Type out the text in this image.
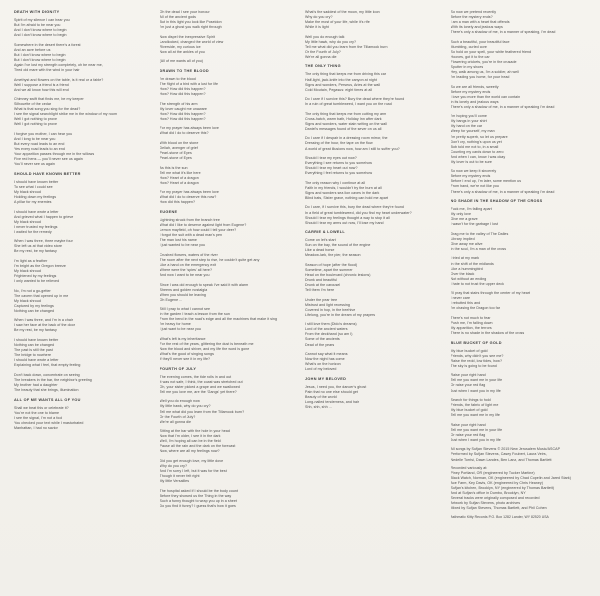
DEATH WITH DIGNITY
Spirit of my silence I can hear you
But I'm afraid to be near you
And I don't know where to begin
And I don't know where to begin
Somewhere in the desert there's a forest
And an acre before us
But I don't know where to begin
But I don't know where to begin
Again I've lost my strength completely, oh be near me,
Tired old mare with the wind in your hair
Amethyst and flowers on the table, is it real or a fable?
Well I suppose a friend is a friend
And we all know how this will end
Chimney swift that finds me, be my keeper
Silhouette of the cedar
What is that song you sing for the dead?
I see the signal searchlight strike me in the window of my room
Well I got nothing to prove
Well I got nothing to prove
I forgive you mother, I can hear you
And I long to be near you
But every road leads to an end
Yes every road leads to an end
Your apparition passes through me in the willows
Five red hens — you'll never see us again
You'll never see us again
SHOULD HAVE KNOWN BETTER
I should have known better
To see what I could see
My black shroud
Holding down my feelings
A pillar for my enemies
I should have wrote a letter
And grieved what I happen to grieve
My black shroud
I never trusted my feelings
I waited for the remedy
When I was three, three maybe four
She left us at that video store
Be my rest, be my fantasy
I'm light as a feather
I'm bright as the Oregon breeze
My black shroud
Frightened by my feelings
I only wanted to be relieved
No, I'm not a go-getter
The cavern that opened up in me
My black shroud
Captured by my feelings
Nothing can be changed
When I was three, and I'm in a chair
I saw her face at the back of the door
Be my rest, be my fantasy
I should have known better
Nothing can be changed
The past is still the past
The bridge to nowhere
I should have wrote a letter
Explaining what I feel, that empty feeling
Don't back down, concentrate on seeing
The breakers in the bar, the neighbor's greeting
My brother had a daughter
The beauty that she brings, illumination
ALL OF ME WANTS ALL OF YOU
Shall we beat this or celebrate it?
You're not the one to blame
I see the signal, I'm not a fool
You checked your text while I masturbated
Manhattan, I had no savior
Oh the dead I see your honour
All of the ancient gods
But in this light you look like Poseidon
I'm just a ghost you walk right through
Now dispel the inexpressive Spirit
Landlocked, changed the world of view
Riverside, my curious ice
Now all at the ankles of you
(All of me wants all of you)
DRAWN TO THE BLOOD
I'm drawn to the blood
The flight of a bird with a lust for life
How? How did this happen?
How? How did this happen?
The strength of his arm
My lover caught me unaware
How? How did this happen?
How? How did this happen?
For my prayer has always been love
What did I do to deserve this?
With blood on the stone
Deliah, avenger of grief
Pearl-stone of Eyes
Pearl-stone of Eyes
As this is the sun
Tell me what it's like here
How? Heart of a dragon
How? Heart of a dragon
For my prayer has always been love
What did I do to deserve this now?
How did this happen?
EUGENE
Lightning struck from the branch tree
What did I like to deserve against light from Eugene?
Lemon mayfield, oh how could I tell your deer?
I forgot the suit with a dead man's pen
The man lost his name
I just wanted to be near you
Crushed flowers, waters of the river
The room after the next step to rise, he couldn't quite get any
Like a hand on the emergency exit
Where were the 'spies' all here?
And now I want to be near you
Since I was old enough to speak I've said it with alarm
Sheens and golden nostalgia
When you should be leaving
Oh Eugene ...
Still I pray to what I cannot see
In the garden I teach a lesson from the sun
From the bend in the road's edge and all the machines that make it sing
I'm heavy for home
I just want to be near you
What's left is my inheritance
For the rest of the years, glittering the dust is beneath me
Now the blood and shiver, and my life the word is gone
What's the good of singing songs
If they'll never see it in my life?
FOURTH OF JULY
The evening comes, the tide rolls in and out
It was not safe, I think, the coast was stretched out
Oh, your sister picked a grape and we swallowed
Tell me you love me, are the 'Gangs' yet there?
Well you do enough now
My little hawk, why do you cry?
Tell me what did you learn from the Tillamook burn?
Or the Fourth of July?
We're all gonna die
Sitting at the bar with the hole in your head
Now that I'm older, I see it in the dark
Well, I'm hoping all can be in the field
Pause all the rain and the dark on the forecast
Now, where are all my feelings now?
Did you get enough love, my little dove
Why do you cry?
And I'm sorry I left, but it was for the best
Though it never felt right
My little Versailles
The hospital asked if I should be the body count
Before they showed us the Thing in the way
Such a funny thought to wrap you up in a sheet
Do you find it funny? I guess that's how it goes
What's the saddest of the moon, my little loon
Why do you cry?
Make the most of your life, while it's rife
While it is light
Well you do enough talk
My little hawk, why do you cry?
Tell me what did you learn from the Tillamook burn
Or the Fourth of July?
We're all gonna die
THE ONLY THING
The only thing that keeps me from driving this car
Half-light, jack-knife into the canyon at night
Signs and wonders, Perseus, Aries at the wall
Cold Moutain, Pegasus: eight times at all
Do I care if I survive this? Bury the dead where they're found
In a ruin of great tumbleweed, I want you on the road
The only thing that keeps me from cutting my arm
Cross-hatch, warm bath, Holiday Inn after dark
Signs and wonders, water stain writing on the wall
Daniel's messages found of the sever on us all
Do I care if I despair in a dressing room mirror, the
Dressing of the hour, the tape on the flow
A world of great illusions now, how am I still to suffer you?
Should I tear my eyes out now?
Everything I see returns to you somehow
Should I tear my heart out now?
Everything I feel returns to you somehow
The only reason why I continue at all
Faith in my friends, I wouldn't try the burn at all
Signs and wonders sea lion caves in the dark
Blind bats, Sister grave, nothing can hold me apart
Do I care, if I survive this, bury the dead where they're found
In a field of great tumbleweed, did you find my heart underwater?
Should I tear my feelings thought a way to stop it all
Should I tear my arms out now, I'll lose my hand
CARRIE & LOWELL
Come on let's start
Sun on the bay, the sound of the engine
Like a dead horse
Meadow-lark, the pier, the season
Season of hope (after the flood)
Sometime, apart the summer
Head on the boulevard (chronic lesions)
Drunk and beautiful
Drunk at the carousel
Tell them I'm here
Under the pear tree
Mistrust and light recessing
Covered in hop, in the beehive
Lifelong, you're in the dream of my prayers
I still love them (Dido's dreams)
Lord of the ancient waters
From the deckhand (so am I)
Some of the ancients
Dead of the years
Cannot say what it means
Now the night has come
What's on the horizon
Lord of my beloved
JOHN MY BELOVED
Jesus, I need you, the dancer's ghost
Pain that no one else should get
Beauty of the world
Long-nailed tenderness, and hair
Shh, shh, shh ...
So now we pretend recently
Before the mystery ends?
I am a man with a heart that offends
With its lonely and jealous ways
There's only a shadow of me, in a manner of speaking, I'm dead
Such a beautiful, your beautiful face
Mumbling, curled core
So hold on your spell, your white feathered friend
Hooves, got it to the car
Flowering crickets, you're in the crusade
Sputter in my shoes
Hey, walk among us, I'm a soldier, ah well
I'm leading you home, for your head
So we are all friends, sweetly
Before my mystery ends
I love you more than the world can contain
In its lonely and jealous ways
There's only a shadow of me, in a manner of speaking I'm dead
I'm hoping you'll come
My bangs in your shirt
My hand on the car
Weep for yourself, my man
I'm pretty superb, so let us prepare
Don't cry, nothing's upon us yet
Bob told me not to, in a small
Counting my cards down to zero
And when I can, know I was okay
My lover is out to be sure
So now we keep it sincerely
Before my mystery ends
Before I end up, I'm later, some mention us
From hand, we're not like you
There's only a shadow of me, in a manner of speaking I'm dead
NO SHADE IN THE SHADOW OF THE CROSS
Fuck me, I'm falling apart
My only love
Give me a grave
I wasn't for the garbage I lost
Drag me to the valley of The Dalles
Library implied
Give away me alive
In the soul, I'm a man of the cross
I tried at my mark
In the shift of the midlands
Like a hummingbird
Over the black
Not without an ending
I hate to not trust the upper deck
I'll pray that stairs through the center of my heart
I never care
I rebutted this and
I'm chasing the Dragon too far
There's not much to fear
Push me, I'm falling down
My apparition, the terrors
There is no shade in the shadow of the cross
BLUE BUCKET OF GOLD
My blue bucket of gold
Friends, why didn't you see me?
Raise the redd, low tides, how?
The sky is going to be found
Raise your right hand
Tell me you want me in your life
Or raise your red flag
Just when I want you in my life
Search for things to hold
Friends, the fabric of light me
My blue bucket of gold
Tell me you want me in my life
Raise your right hand
Tell me you want me in your life
Or raise your red flag
Just when I want you in my life
All songs by Sufjan Stevens © 2015 New Jerusalem Music/ASCAP
Performed by Sufjan Stevens, Casey Foubert, Laura Veirs,
Nedelle Torrisi, Dawn Landes, Ben Lanz, and Thomas Bartlett
Recorded variously at:
Piney Portland, OR (engineered by Tucker Martine)
Black Watch, Norman, OK (engineered by Chad Copelin and Jared Stark)
Ace Farm, Key Davis, OK (engineered by Chris Heaney)
Sufjan's kitchen, Brooklyn, NY (engineered by Thomas Bartlett)
And at Sufjan's office in Dumbo, Brooklyn, NY
Several tracks were originally composed and recorded
Artwork by Sufjan Stevens, photo archives
Mixed by Sufjan Stevens, Thomas Bartlett, and Phil Cohen
Asthmatic Kitty Records P.O. Box 1282 Lander, WY 82520 USA
